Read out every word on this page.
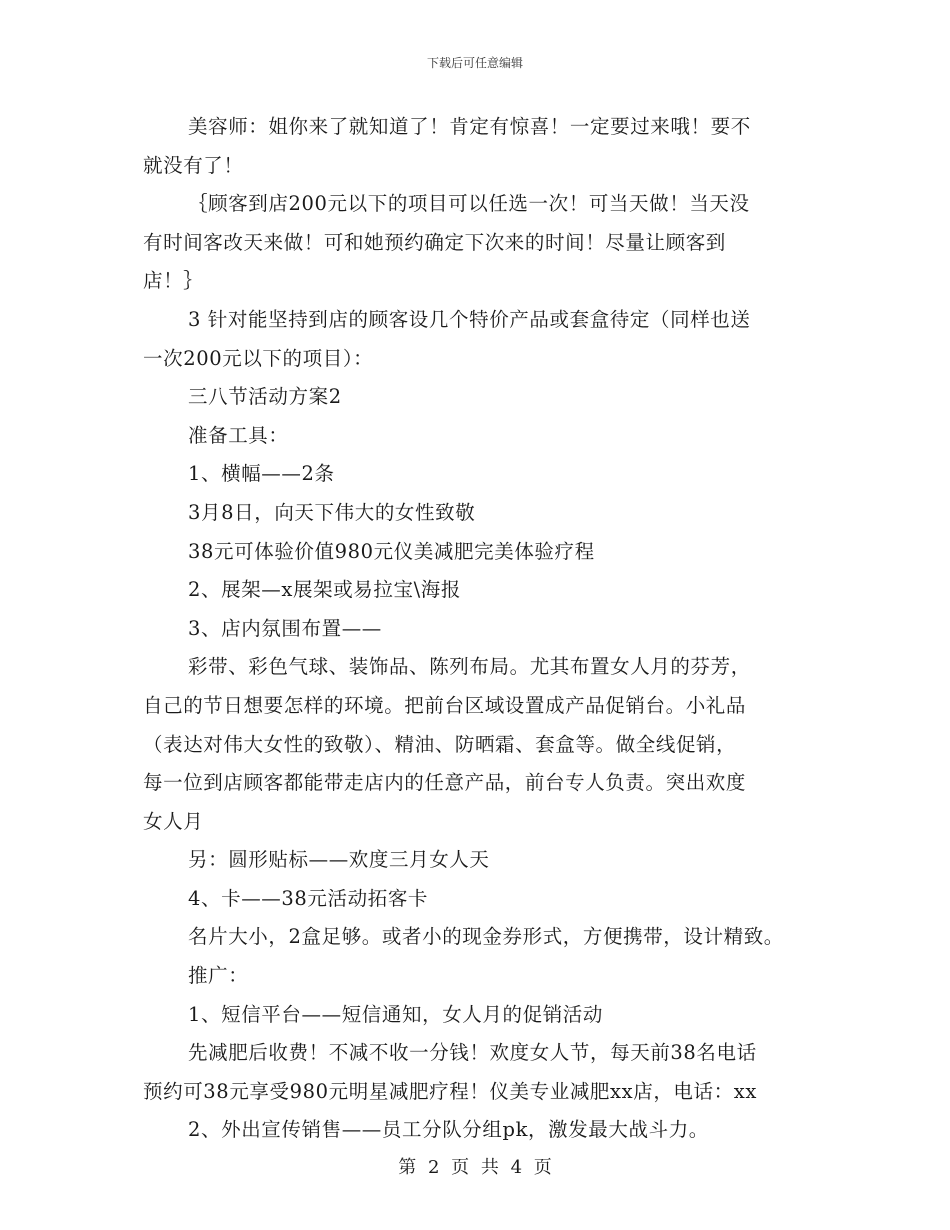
下载后可任意编辑
美容师：姐你来了就知道了！肯定有惊喜！一定要过来哦！要不
就没有了！
｛顾客到店200元以下的项目可以任选一次！可当天做！当天没
有时间客改天来做！可和她预约确定下次来的时间！尽量让顾客到
店！｝
3 针对能坚持到店的顾客设几个特价产品或套盒待定（同样也送
一次200元以下的项目）：
三八节活动方案2
准备工具：
1、横幅——2条
3月8日，向天下伟大的女性致敬
38元可体验价值980元仪美减肥完美体验疗程
2、展架—x展架或易拉宝\海报
3、店内氛围布置——
彩带、彩色气球、装饰品、陈列布局。尤其布置女人月的芬芳，
自己的节日想要怎样的环境。把前台区域设置成产品促销台。小礼品
（表达对伟大女性的致敬）、精油、防晒霜、套盒等。做全线促销，
每一位到店顾客都能带走店内的任意产品，前台专人负责。突出欢度
女人月
另：圆形贴标——欢度三月女人天
4、卡——38元活动拓客卡
名片大小，2盒足够。或者小的现金券形式，方便携带，设计精致。
推广：
1、短信平台——短信通知，女人月的促销活动
先减肥后收费！不减不收一分钱！欢度女人节，每天前38名电话
预约可38元享受980元明星减肥疗程！仪美专业减肥xx店，电话：xx
2、外出宣传销售——员工分队分组pk，激发最大战斗力。
第 2 页 共 4 页
